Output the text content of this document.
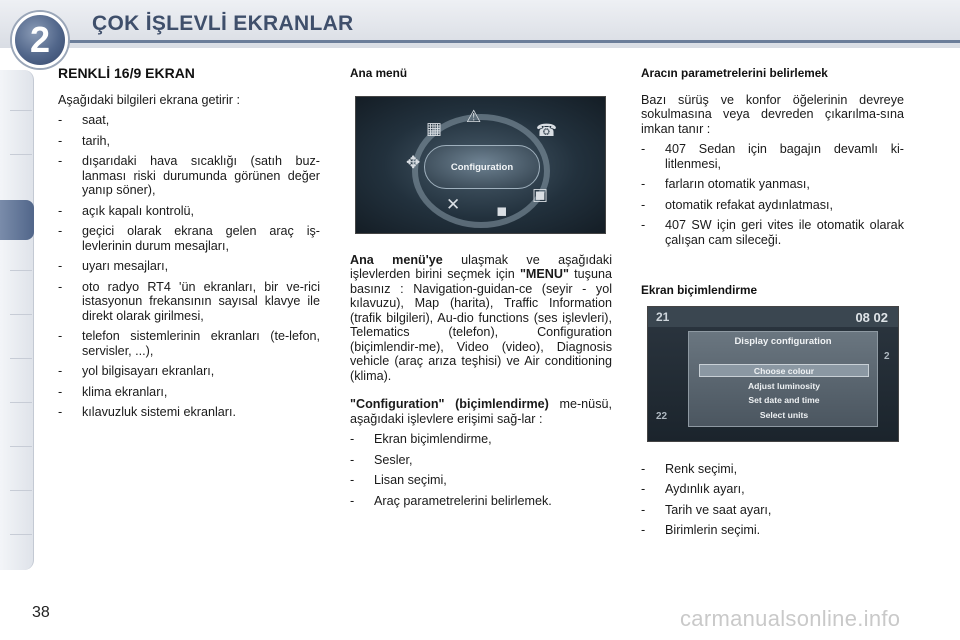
2	ÇOK İŞLEVLİ EKRANLAR
RENKLİ 16/9 EKRAN

Aşağıdaki bilgileri ekrana getirir :

- saat,
- tarih,
- dışarıdaki hava sıcaklığı (satıh buz-lanması riski durumunda görünen değer yanıp söner),
- açık kapalı kontrolü,
- geçici olarak ekrana gelen araç iş-levlerinin durum mesajları,
- uyarı mesajları,
- oto radyo RT4 'ün ekranları, bir ve-rici istasyonun frekansının sayısal klavye ile direkt olarak girilmesi,
- telefon sistemlerinin ekranları (te-lefon, servisler, ...),
- yol bilgisayarı ekranları,
- klima ekranları,
- kılavuzluk sistemi ekranları.
Ana menü

Ana menü'ye ulaşmak ve aşağıdaki işlevlerden birini seçmek için "MENU" tuşuna basınız : Navigation-guidan-ce (seyir - yol kılavuzu), Map (harita), Traffic Information (trafik bilgileri), Au-dio functions (ses işlevleri), Telematics (telefon), Configuration (biçimlendir-me), Video (video), Diagnosis vehicle (araç arıza teşhisi) ve Air conditioning (klima).

"Configuration" (biçimlendirme) me-nüsü, aşağıdaki işlevlere erişimi sağ-lar :

- Ekran biçimlendirme,
- Sesler,
- Lisan seçimi,
- Araç parametrelerini belirlemek.
⚠
▦	☎
✥
▣
✕ ▪
Configuration
Aracın parametrelerini belirlemek

Bazı sürüş ve konfor öğelerinin devreye sokulmasına veya devreden çıkarılma-sına imkan tanır :

- 407 Sedan için bagajın devamlı ki-litlenmesi,
- farların otomatik yanması,
- otomatik refakat aydınlatması,
- 407 SW için geri vites ile otomatik olarak çalışan cam sileceği.
Ekran biçimlendirme
- Renk seçimi,
- Aydınlık ayarı,
- Tarih ve saat ayarı,
- Birimlerin seçimi.
21	08 02
22
2
Display configuration
Choose colour
Adjust luminosity
Set date and time
Select units
38	carmanualsonline.info
